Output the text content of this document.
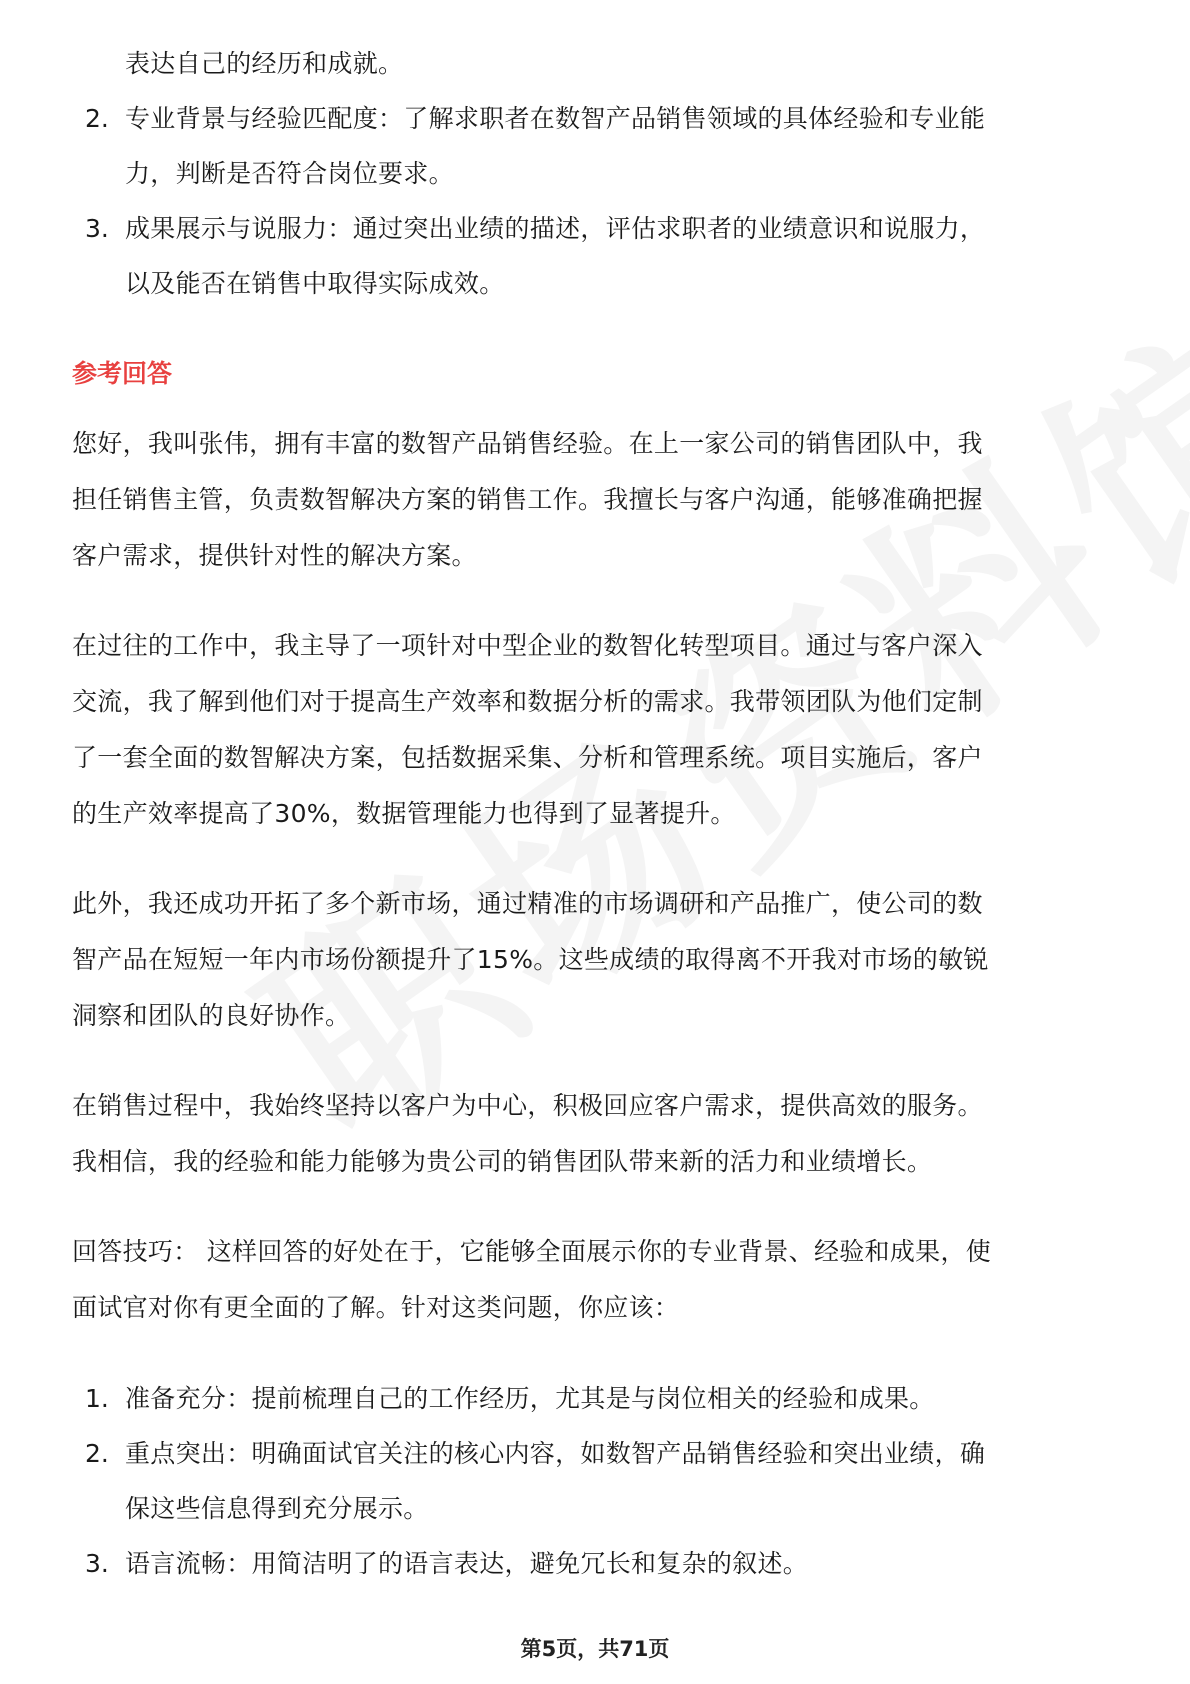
表达自己的经历和成就。
2. 专业背景与经验匹配度：了解求职者在数智产品销售领域的具体经验和专业能
力，判断是否符合岗位要求。
3. 成果展示与说服力：通过突出业绩的描述，评估求职者的业绩意识和说服力，
以及能否在销售中取得实际成效。
参考回答
您好，我叫张伟，拥有丰富的数智产品销售经验。在上一家公司的销售团队中，我
担任销售主管，负责数智解决方案的销售工作。我擅长与客户沟通，能够准确把握
客户需求，提供针对性的解决方案。
在过往的工作中，我主导了一项针对中型企业的数智化转型项目。通过与客户深入
交流，我了解到他们对于提高生产效率和数据分析的需求。我带领团队为他们定制
了一套全面的数智解决方案，包括数据采集、分析和管理系统。项目实施后，客户
的生产效率提高了30%，数据管理能力也得到了显著提升。
此外，我还成功开拓了多个新市场，通过精准的市场调研和产品推广，使公司的数
智产品在短短一年内市场份额提升了15%。这些成绩的取得离不开我对市场的敏锐
洞察和团队的良好协作。
在销售过程中，我始终坚持以客户为中心，积极回应客户需求，提供高效的服务。
我相信，我的经验和能力能够为贵公司的销售团队带来新的活力和业绩增长。
回答技巧： 这样回答的好处在于，它能够全面展示你的专业背景、经验和成果，使
面试官对你有更全面的了解。针对这类问题，你应该：
1. 准备充分：提前梳理自己的工作经历，尤其是与岗位相关的经验和成果。
2. 重点突出：明确面试官关注的核心内容，如数智产品销售经验和突出业绩，确
保这些信息得到充分展示。
3. 语言流畅：用简洁明了的语言表达，避免冗长和复杂的叙述。
第5页，共71页
